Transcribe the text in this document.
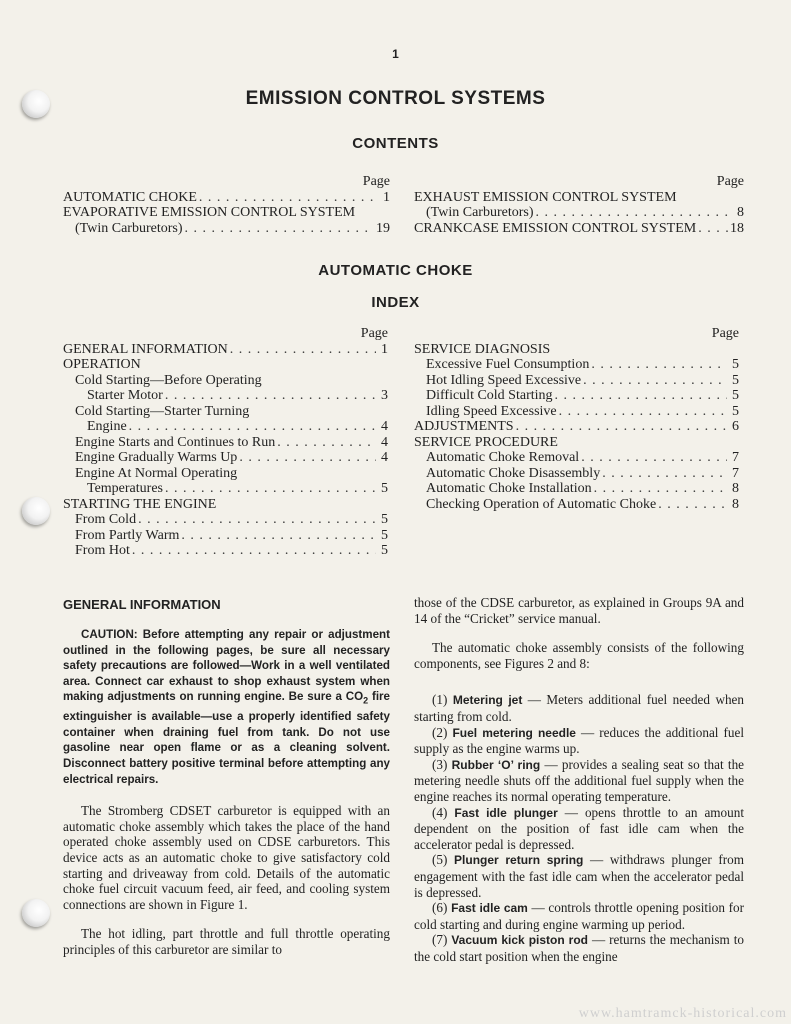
1
EMISSION CONTROL SYSTEMS
CONTENTS
Page
AUTOMATIC CHOKE . . .	1
EVAPORATIVE EMISSION CONTROL SYSTEM
(Twin Carburetors) . . .	19
Page
EXHAUST EMISSION CONTROL SYSTEM
(Twin Carburetors) . . .	8
CRANKCASE EMISSION CONTROL SYSTEM . . . 18
AUTOMATIC CHOKE
INDEX
Page
GENERAL INFORMATION . . .	1
OPERATION
Cold Starting—Before Operating
Starter Motor . . .	3
Cold Starting—Starter Turning
Engine . . .	4
Engine Starts and Continues to Run . . .	4
Engine Gradually Warms Up . . .	4
Engine At Normal Operating
Temperatures . . .	5
STARTING THE ENGINE
From Cold . . .	5
From Partly Warm . . .	5
From Hot . . .	5
Page
SERVICE DIAGNOSIS
Excessive Fuel Consumption . . .	5
Hot Idling Speed Excessive . . .	5
Difficult Cold Starting . . .	5
Idling Speed Excessive . . .	5
ADJUSTMENTS . . .	6
SERVICE PROCEDURE
Automatic Choke Removal . . .	7
Automatic Choke Disassembly . . .	7
Automatic Choke Installation . . .	8
Checking Operation of Automatic Choke . . .	8
GENERAL INFORMATION

CAUTION: Before attempting any repair or adjustment outlined in the following pages, be sure all necessary safety precautions are followed—Work in a well ventilated area. Connect car exhaust to shop exhaust system when making adjustments on running engine. Be sure a $CO_2$ fire extinguisher is available—use a properly identified safety container when draining fuel from tank. Do not use gasoline near open flame or as a cleaning solvent. Disconnect battery positive terminal before attempting any electrical repairs.

The Stromberg CDSET carburetor is equipped with an automatic choke assembly which takes the place of the hand operated choke assembly used on CDSE carburetors. This device acts as an automatic choke to give satisfactory cold starting and driveaway from cold. Details of the automatic choke fuel circuit vacuum feed, air feed, and cooling system connections are shown in Figure 1.

The hot idling, part throttle and full throttle operating principles of this carburetor are similar to

those of the CDSE carburetor, as explained in Groups 9A and 14 of the “Cricket” service manual.

The automatic choke assembly consists of the following components, see Figures 2 and 8:

(1) Metering jet — Meters additional fuel needed when starting from cold.

(2) Fuel metering needle — reduces the additional fuel supply as the engine warms up.

(3) Rubber ‘O’ ring — provides a sealing seat so that the metering needle shuts off the additional fuel supply when the engine reaches its normal operating temperature.

(4) Fast idle plunger — opens throttle to an amount dependent on the position of fast idle cam when the accelerator pedal is depressed.

(5) Plunger return spring — withdraws plunger from engagement with the fast idle cam when the accelerator pedal is depressed.

(6) Fast idle cam — controls throttle opening position for cold starting and during engine warming up period.

(7) Vacuum kick piston rod — returns the mechanism to the cold start position when the engine

www.hamtramck-historical.com
